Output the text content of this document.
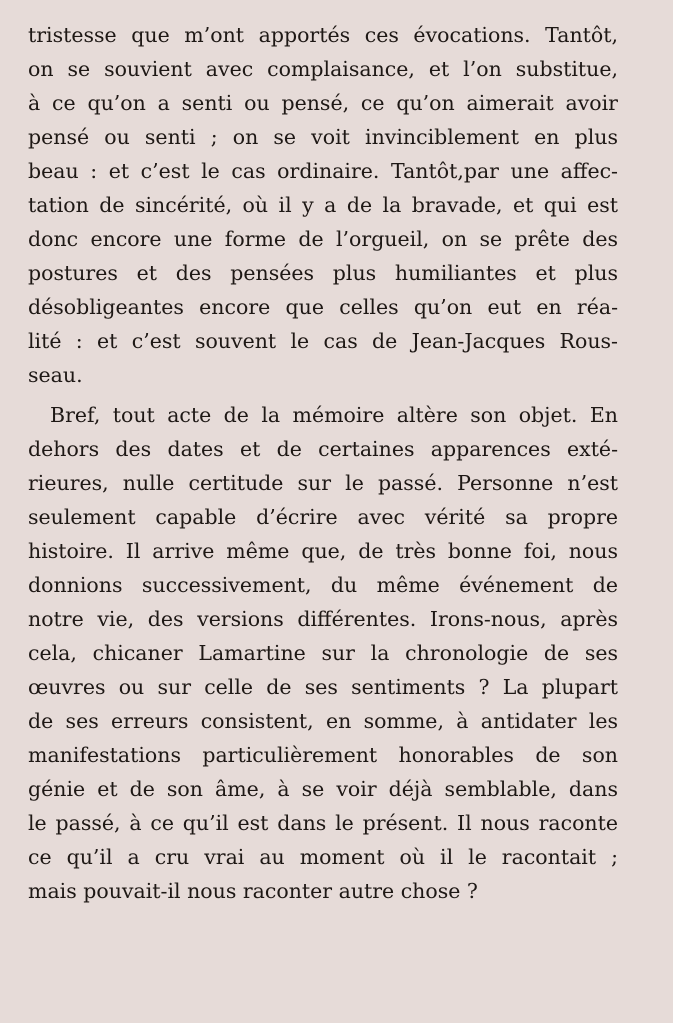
tristesse que m’ont apportés ces évocations. Tantôt,
on se souvient avec complaisance, et l’on substitue,
à ce qu’on a senti ou pensé, ce qu’on aimerait avoir
pensé ou senti ; on se voit invinciblement en plus
beau : et c’est le cas ordinaire. Tantôt,par une affec-
tation de sincérité, où il y a de la bravade, et qui est
donc encore une forme de l’orgueil, on se prête des
postures et des pensées plus humiliantes et plus
désobligeantes encore que celles qu’on eut en réa-
lité : et c’est souvent le cas de Jean-Jacques Rous-
seau.
Bref, tout acte de la mémoire altère son objet. En
dehors des dates et de certaines apparences exté-
rieures, nulle certitude sur le passé. Personne n’est
seulement capable d’écrire avec vérité sa propre
histoire. Il arrive même que, de très bonne foi, nous
donnions successivement, du même événement de
notre vie, des versions différentes. Irons-nous, après
cela, chicaner Lamartine sur la chronologie de ses
œuvres ou sur celle de ses sentiments ? La plupart
de ses erreurs consistent, en somme, à antidater les
manifestations particulièrement honorables de son
génie et de son âme, à se voir déjà semblable, dans
le passé, à ce qu’il est dans le présent. Il nous raconte
ce qu’il a cru vrai au moment où il le racontait ;
mais pouvait-il nous raconter autre chose ?
